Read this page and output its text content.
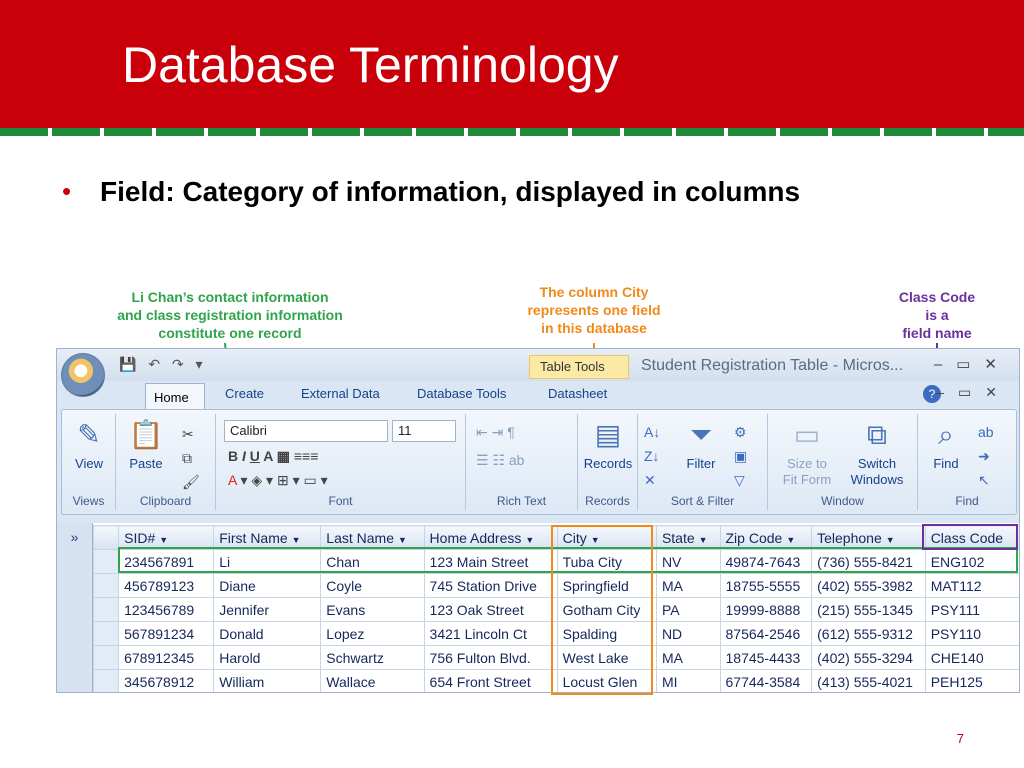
Database Terminology
• Field: Category of information, displayed in columns
Li Chan’s contact information
and class registration information
constitute one record
The column City
represents one field
in this database
Class Code
is a
field name
💾 ↶ ↷ ▾	Table Tools	Student Registration Table - Micros... –▭✕
Home	Create	External Data	Database Tools	Datasheet	? –▭✕
✎
View
Views
📋
Paste
✂
⧉
🖌
Clipboard
Calibri	11
B I U A ▦ ≡≡≡
A ▾ ◈ ▾ ⊞ ▾ ▭ ▾
Font
⇤ ⇥ ¶
☰ ☷ ab
Rich Text
▤
Records
Records
A↓
Z↓
✕
⏷
Filter
⚙
▣
▽
Sort & Filter
▭
Size to
Fit Form
⧉
Switch
Windows
Window
⌕
Find
ab
➜
↖
Find
»
		SID# ▼	First Name ▼	Last Name ▼	Home Address ▼	City ▼	State ▼	Zip Code ▼	Telephone ▼	Class Code
	234567891	Li	Chan	123 Main Street	Tuba City	NV	49874-7643	(736) 555-8421	ENG102
	456789123	Diane	Coyle	745 Station Drive	Springfield	MA	18755-5555	(402) 555-3982	MAT112
	123456789	Jennifer	Evans	123 Oak Street	Gotham City	PA	19999-8888	(215) 555-1345	PSY111
	567891234	Donald	Lopez	3421 Lincoln Ct	Spalding	ND	87564-2546	(612) 555-9312	PSY110
	678912345	Harold	Schwartz	756 Fulton Blvd.	West Lake	MA	18745-4433	(402) 555-3294	CHE140
	345678912	William	Wallace	654 Front Street	Locust Glen	MI	67744-3584	(413) 555-4021	PEH125
7
